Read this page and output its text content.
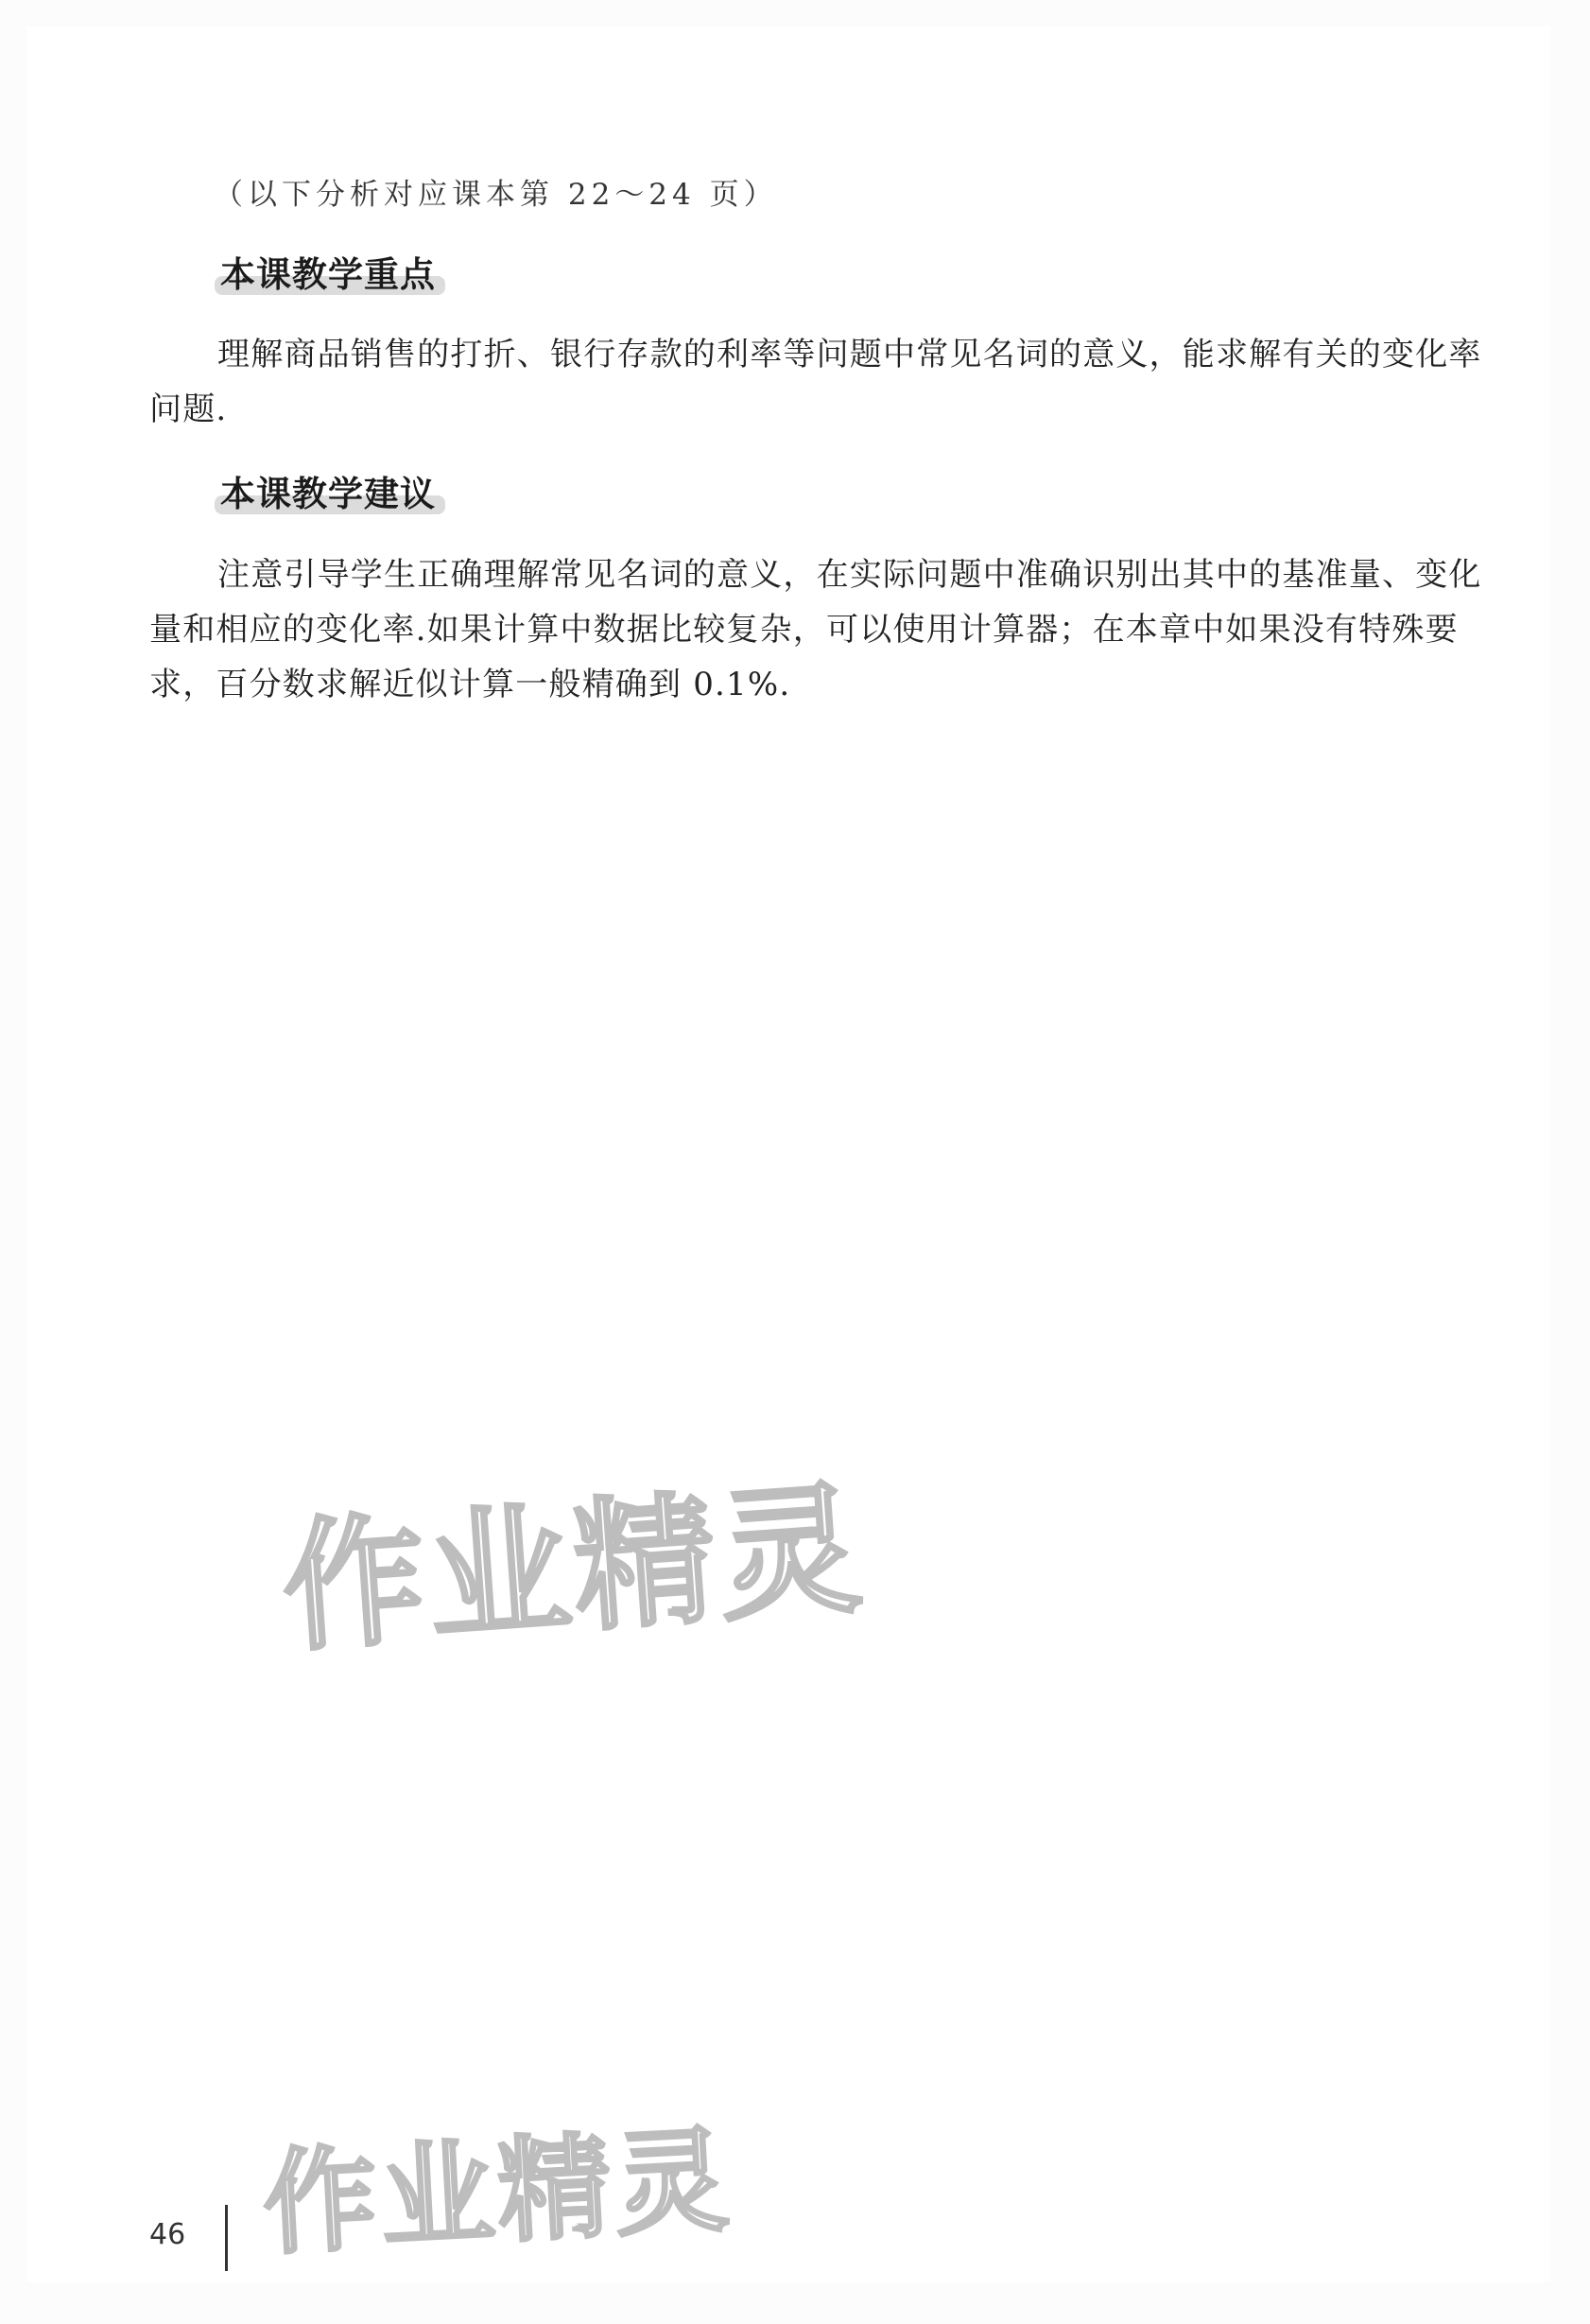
（以下分析对应课本第 22～24 页）
本课教学重点

理解商品销售的打折、银行存款的利率等问题中常见名词的意义，能求解有关的变化率问题.

本课教学建议

注意引导学生正确理解常见名词的意义，在实际问题中准确识别出其中的基准量、变化量和相应的变化率.如果计算中数据比较复杂，可以使用计算器；在本章中如果没有特殊要求，百分数求解近似计算一般精确到 0.1%.

作业精灵
作业精灵
46
